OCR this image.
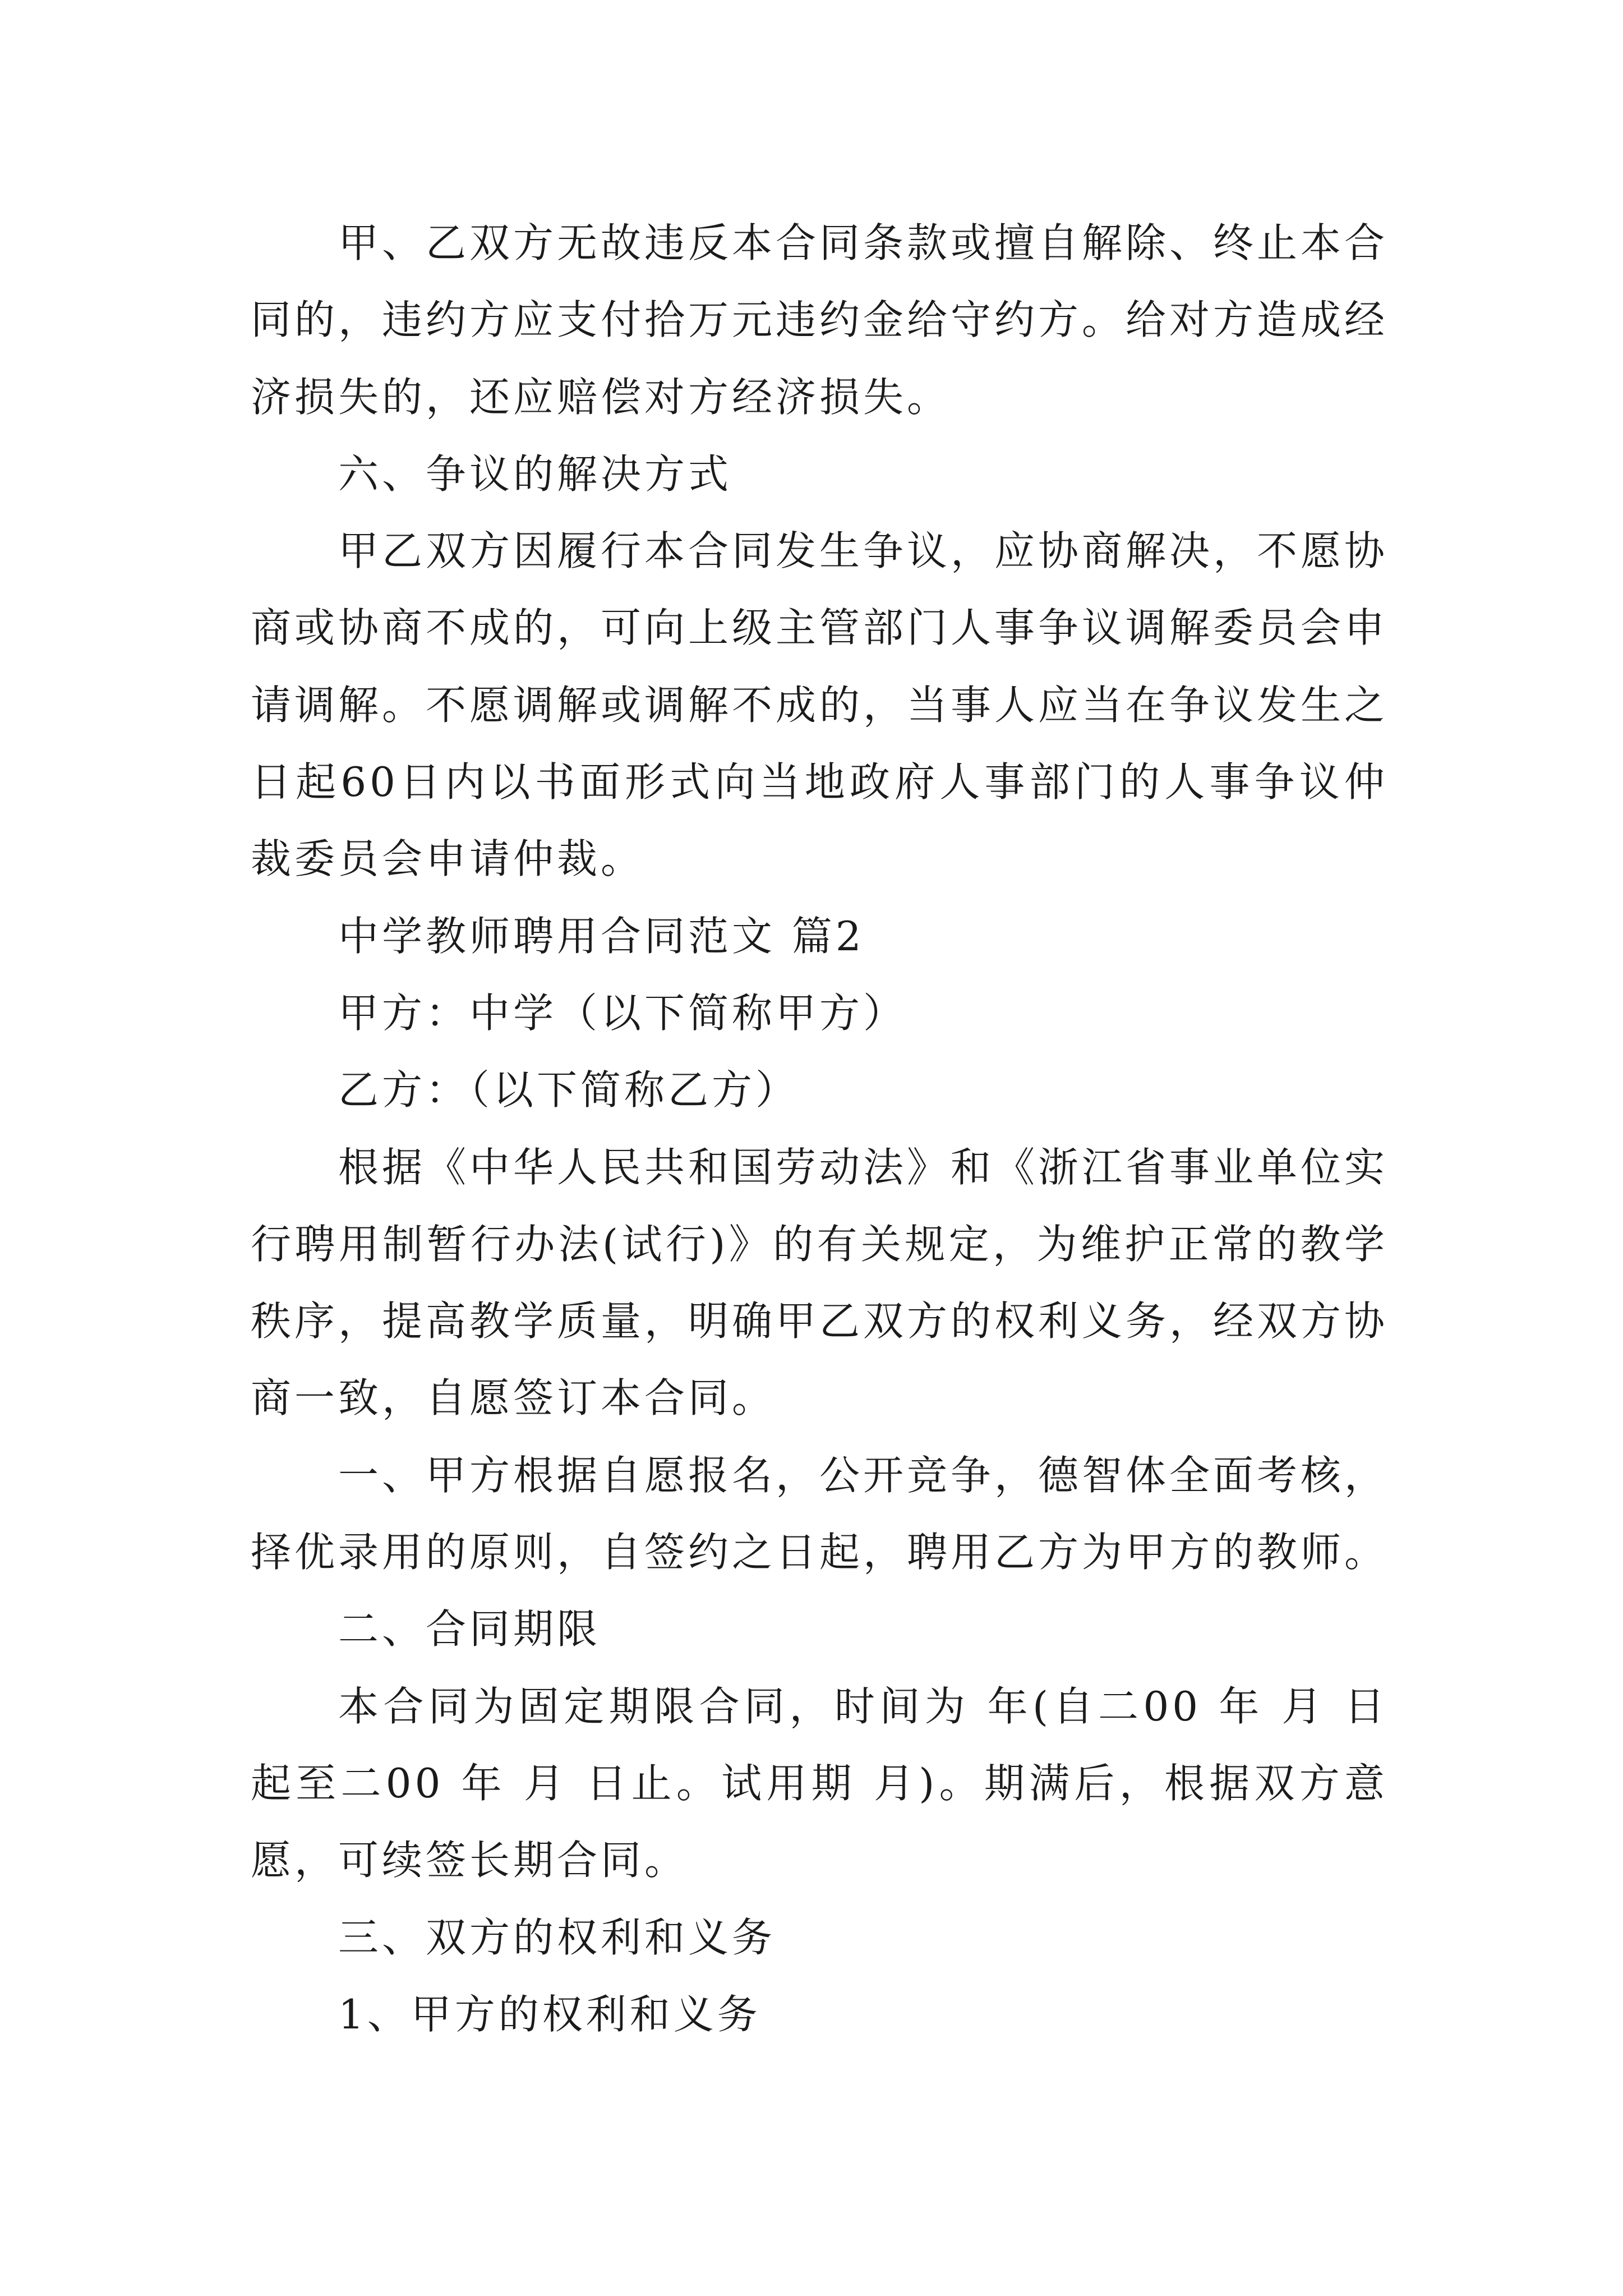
甲、乙双方无故违反本合同条款或擅自解除、终止本合
同的，违约方应支付拾万元违约金给守约方。给对方造成经
济损失的，还应赔偿对方经济损失。
六、争议的解决方式
甲乙双方因履行本合同发生争议，应协商解决，不愿协
商或协商不成的，可向上级主管部门人事争议调解委员会申
请调解。不愿调解或调解不成的，当事人应当在争议发生之
日起60日内以书面形式向当地政府人事部门的人事争议仲
裁委员会申请仲裁。
中学教师聘用合同范文 篇2
甲方：中学（以下简称甲方）
乙方：（以下简称乙方）
根据《中华人民共和国劳动法》和《浙江省事业单位实
行聘用制暂行办法(试行)》的有关规定，为维护正常的教学
秩序，提高教学质量，明确甲乙双方的权利义务，经双方协
商一致，自愿签订本合同。
一、甲方根据自愿报名，公开竞争，德智体全面考核，
择优录用的原则，自签约之日起，聘用乙方为甲方的教师。
二、合同期限
本合同为固定期限合同，时间为 年(自二00 年 月 日
起至二00 年 月 日止。试用期 月)。期满后，根据双方意
愿，可续签长期合同。
三、双方的权利和义务
1、甲方的权利和义务
